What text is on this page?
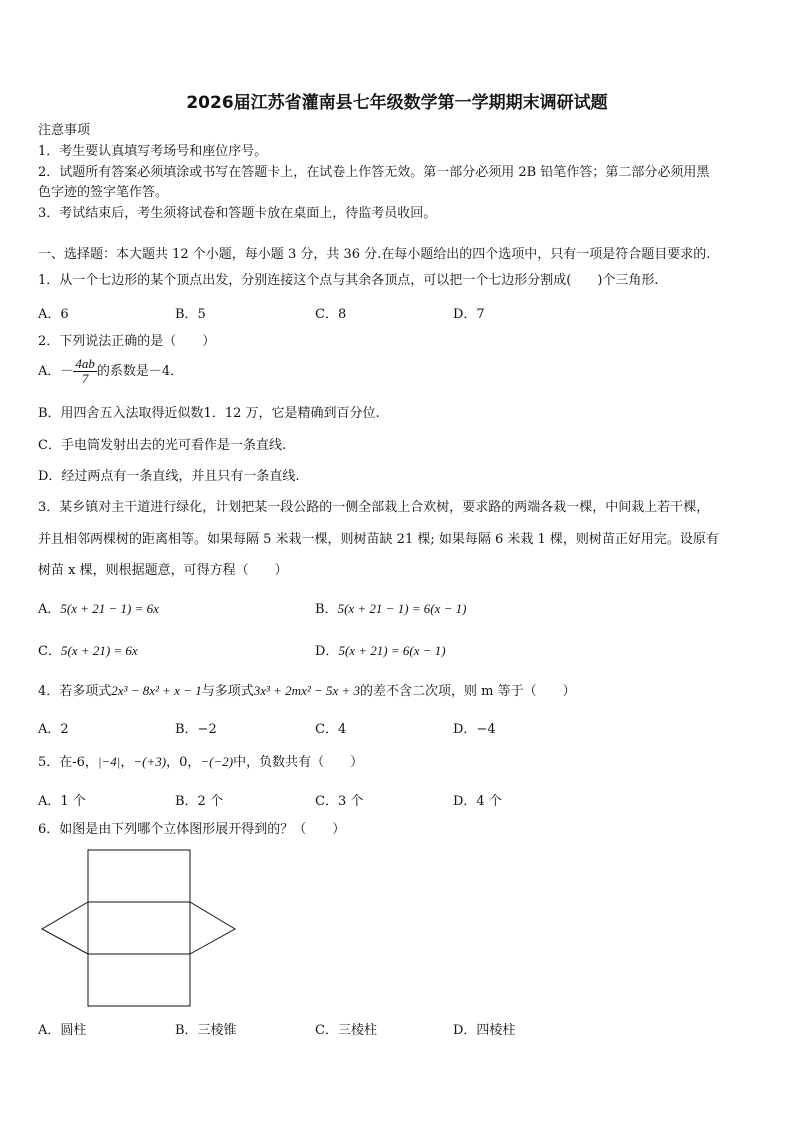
2026届江苏省灌南县七年级数学第一学期期末调研试题
注意事项
1．考生要认真填写考场号和座位序号。
2．试题所有答案必须填涂或书写在答题卡上，在试卷上作答无效。第一部分必须用 2B 铅笔作答；第二部分必须用黑
色字迹的签字笔作答。
3．考试结束后，考生须将试卷和答题卡放在桌面上，待监考员收回。
一、选择题：本大题共 12 个小题，每小题 3 分，共 36 分.在每小题给出的四个选项中，只有一项是符合题目要求的.
1．从一个七边形的某个顶点出发，分别连接这个点与其余各顶点，可以把一个七边形分割成(　　)个三角形.
A．6	B．5	C．8	D．7
2．下列说法正确的是（　　）
A．－ $\frac{4ab}{7}$ 的系数是－4．
B．用四舍五入法取得近似数1．12 万，它是精确到百分位.
C．手电筒发射出去的光可看作是一条直线.
D．经过两点有一条直线，并且只有一条直线.
3．某乡镇对主干道进行绿化，计划把某一段公路的一侧全部栽上合欢树，要求路的两端各栽一棵，中间栽上若干棵，
并且相邻两棵树的距离相等。如果每隔 5 米栽一棵，则树苗缺 21 棵; 如果每隔 6 米栽 1 棵，则树苗正好用完。设原有
树苗 x 棵，则根据题意，可得方程（　　）
A．5(x + 21 − 1) = 6x	B．5(x + 21 − 1) = 6(x − 1)
C．5(x + 21) = 6x	D．5(x + 21) = 6(x − 1)
4．若多项式2x³ − 8x² + x − 1与多项式3x³ + 2mx² − 5x + 3的差不含二次项，则 m 等于（　　）
A．2	B．−2	C．4	D．−4
5．在-6，|−4|，−(+3)，0，−(−2)中，负数共有（　　）
A．1 个	B．2 个	C．3 个	D．4 个
6．如图是由下列哪个立体图形展开得到的？（　　）
A．圆柱	B．三棱锥	C．三棱柱	D．四棱柱
